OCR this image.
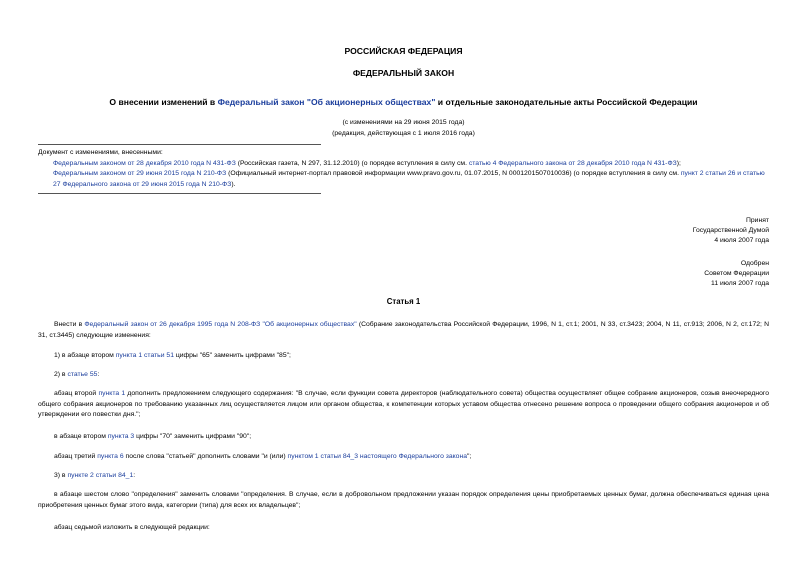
РОССИЙСКАЯ ФЕДЕРАЦИЯ
ФЕДЕРАЛЬНЫЙ ЗАКОН
О внесении изменений в Федеральный закон "Об акционерных обществах" и отдельные законодательные акты Российской Федерации
(с изменениями на 29 июня 2015 года)
(редакция, действующая с 1 июля 2016 года)
Документ с изменениями, внесенными:
Федеральным законом от 28 декабря 2010 года N 431-ФЗ (Российская газета, N 297, 31.12.2010) (о порядке вступления в силу см. статью 4 Федерального закона от 28 декабря 2010 года N 431-ФЗ);
Федеральным законом от 29 июня 2015 года N 210-ФЗ (Официальный интернет-портал правовой информации www.pravo.gov.ru, 01.07.2015, N 0001201507010036) (о порядке вступления в силу см. пункт 2 статьи 26 и статью 27 Федерального закона от 29 июня 2015 года N 210-ФЗ).
Принят
Государственной Думой
4 июля 2007 года
Одобрен
Советом Федерации
11 июля 2007 года
Статья 1
Внести в Федеральный закон от 26 декабря 1995 года N 208-ФЗ "Об акционерных обществах" (Собрание законодательства Российской Федерации, 1996, N 1, ст.1; 2001, N 33, ст.3423; 2004, N 11, ст.913; 2006, N 2, ст.172; N 31, ст.3445) следующие изменения:
1) в абзаце втором пункта 1 статьи 51 цифры "65" заменить цифрами "85";
2) в статье 55:
абзац второй пункта 1 дополнить предложением следующего содержания: "В случае, если функции совета директоров (наблюдательного совета) общества осуществляет общее собрание акционеров, созыв внеочередного общего собрания акционеров по требованию указанных лиц осуществляется лицом или органом общества, к компетенции которых уставом общества отнесено решение вопроса о проведении общего собрания акционеров и об утверждении его повестки дня.";
в абзаце втором пункта 3 цифры "70" заменить цифрами "90";
абзац третий пункта 6 после слова "статьей" дополнить словами "и (или) пунктом 1 статьи 84_3 настоящего Федерального закона";
3) в пункте 2 статьи 84_1:
в абзаце шестом слово "определения" заменить словами "определения. В случае, если в добровольном предложении указан порядок определения цены приобретаемых ценных бумаг, должна обеспечиваться единая цена приобретения ценных бумаг этого вида, категории (типа) для всех их владельцев";
абзац седьмой изложить в следующей редакции:
